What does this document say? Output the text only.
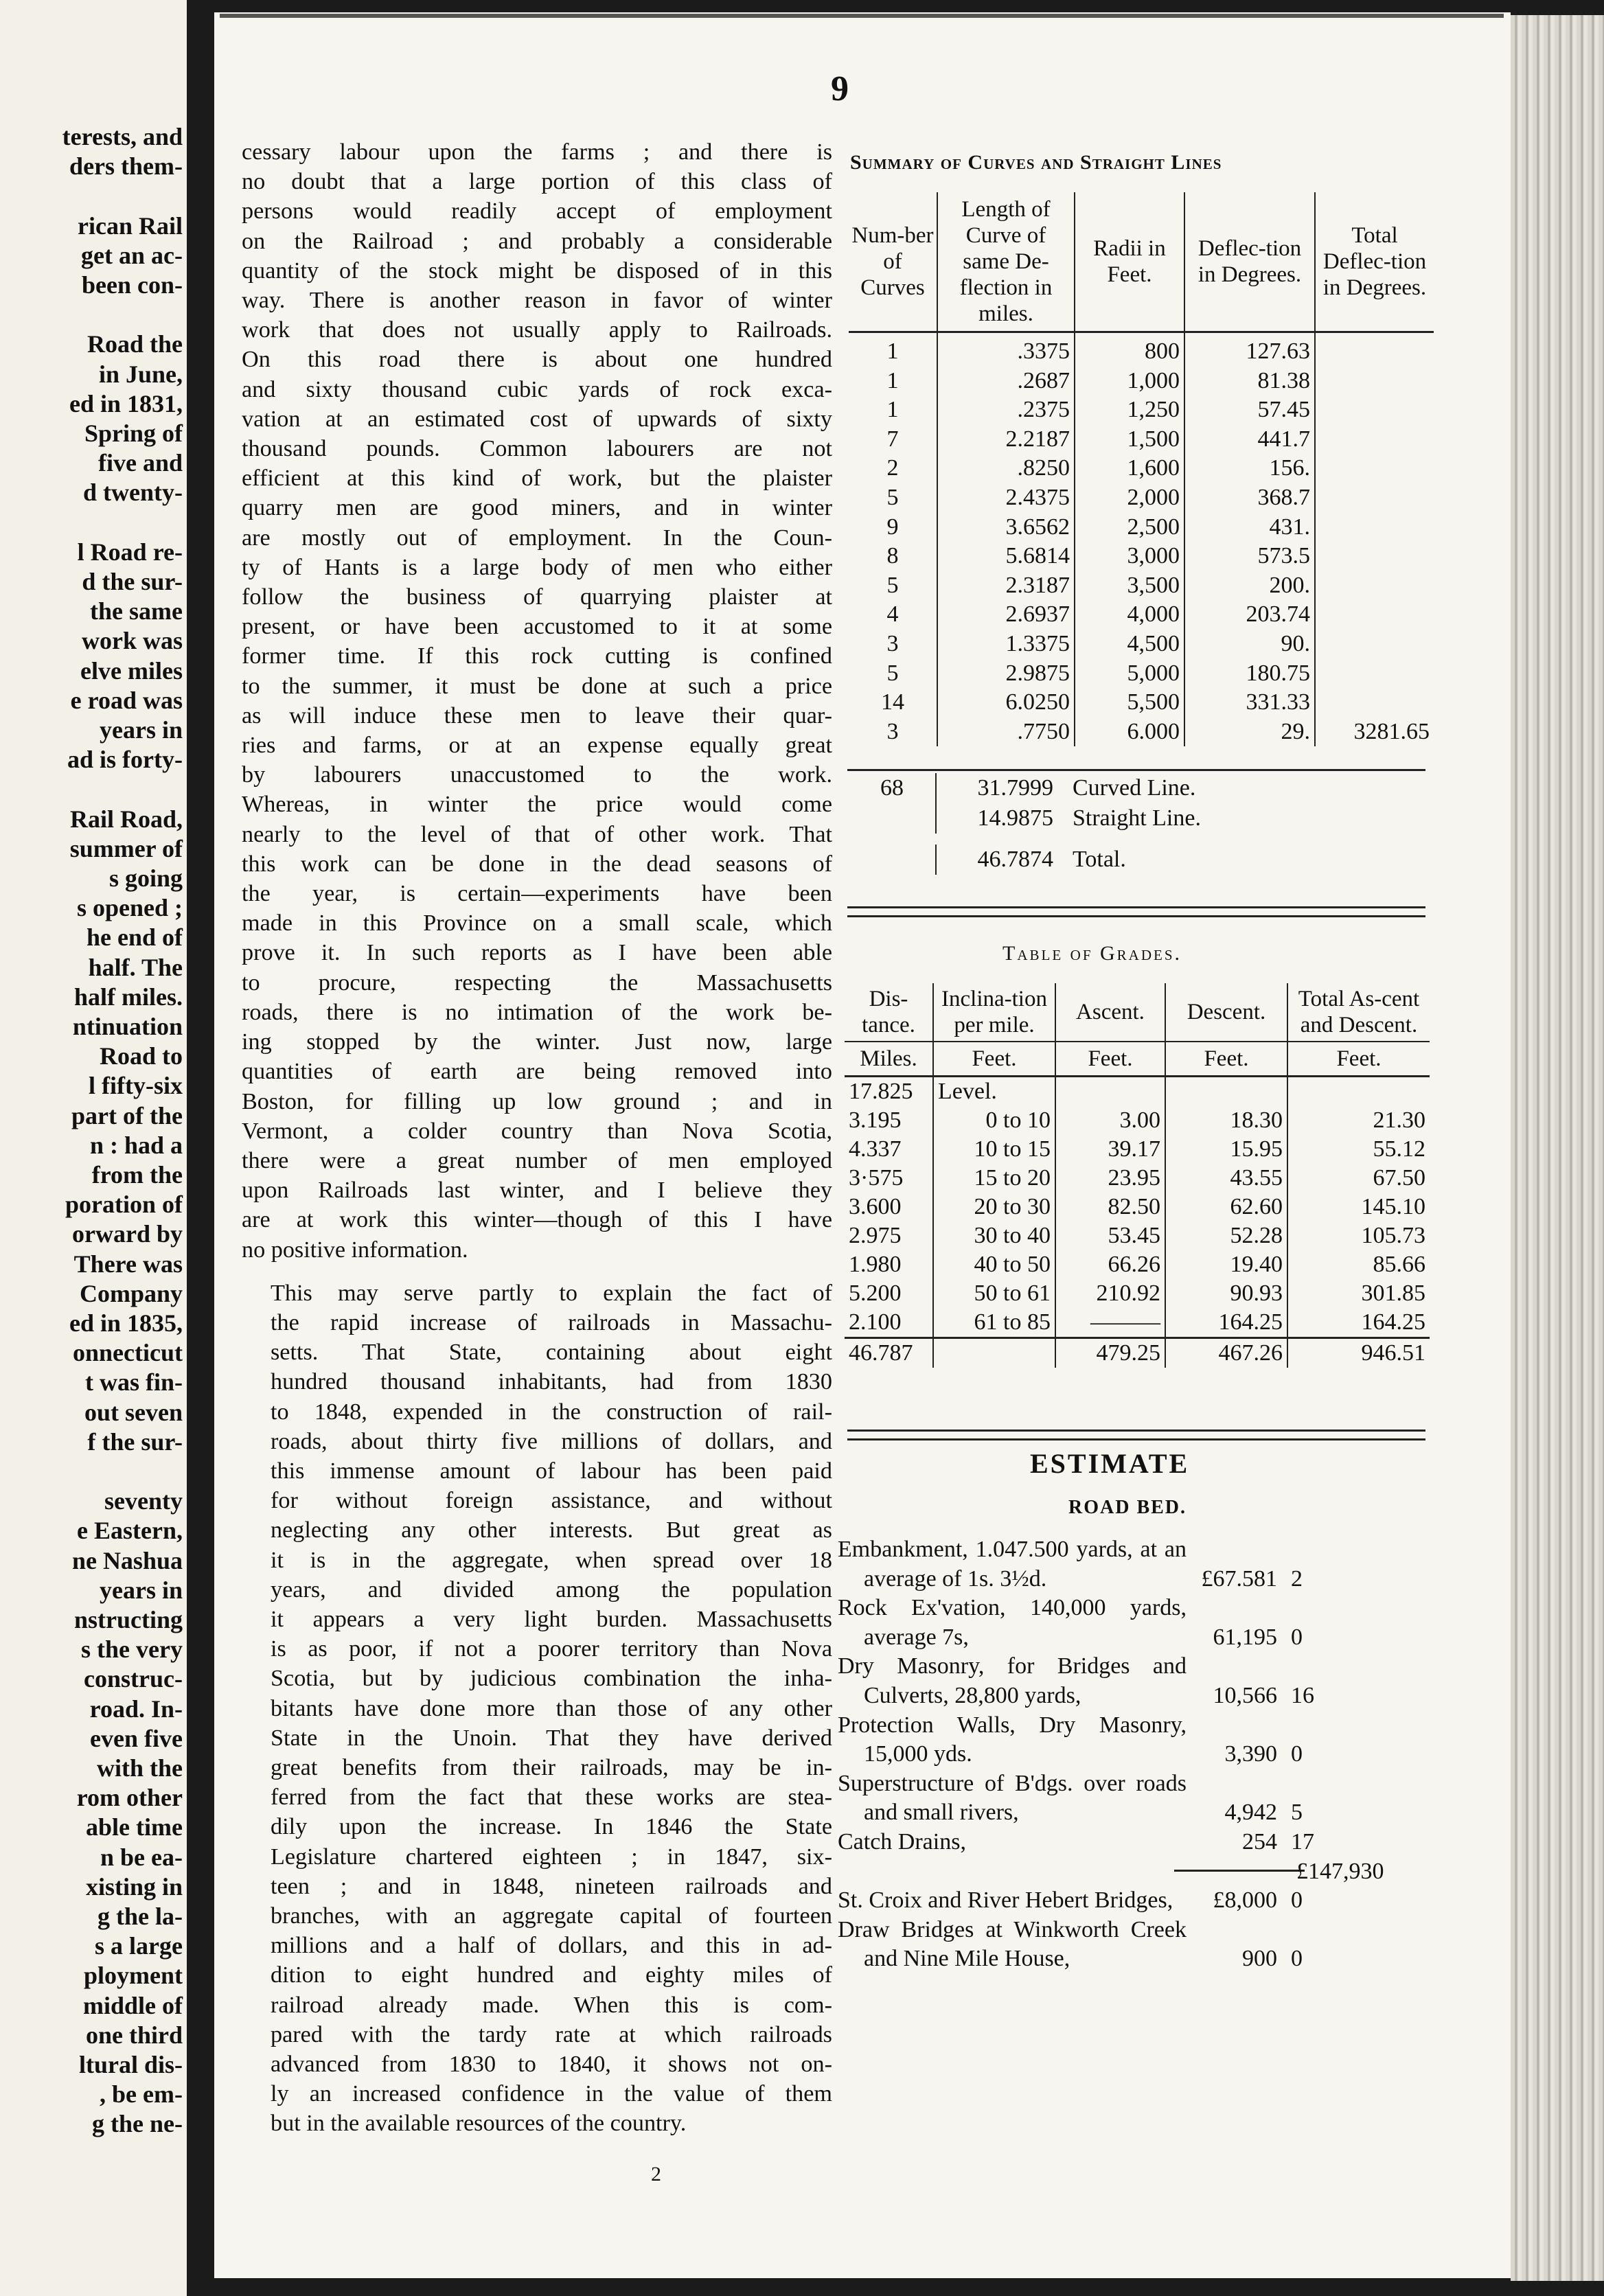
terests, and
ders them-
rican Rail
get an ac-
been con-
Road the
in June,
ed in 1831,
Spring of
five and
d twenty-
l Road re-
d the sur-
the same
work was
elve miles
e road was
years in
ad is forty-
Rail Road,
summer of
s going
s opened ;
he end of
half. The
half miles.
ntinuation
Road to
l fifty-six
part of the
n : had a
from the
poration of
orward by
There was
Company
ed in 1835,
onnecticut
t was fin-
out seven
f the sur-
seventy
e Eastern,
ne Nashua
years in
nstructing
s the very
construc-
road. In-
even five
with the
rom other
able time
n be ea-
xisting in
g the la-
s a large
ployment
middle of
one third
ltural dis-
, be em-
g the ne-
9

cessary labour upon the farms ; and there is
no doubt that a large portion of this class of
persons would readily accept of employment
on the Railroad ; and probably a considerable
quantity of the stock might be disposed of in this
way. There is another reason in favor of winter
work that does not usually apply to Railroads.
On this road there is about one hundred
and sixty thousand cubic yards of rock exca-
vation at an estimated cost of upwards of sixty
thousand pounds. Common labourers are not
efficient at this kind of work, but the plaister
quarry men are good miners, and in winter
are mostly out of employment. In the Coun-
ty of Hants is a large body of men who either
follow the business of quarrying plaister at
present, or have been accustomed to it at some
former time. If this rock cutting is confined
to the summer, it must be done at such a price
as will induce these men to leave their quar-
ries and farms, or at an expense equally great
by labourers unaccustomed to the work.
Whereas, in winter the price would come
nearly to the level of that of other work. That
this work can be done in the dead seasons of
the year, is certain—experiments have been
made in this Province on a small scale, which
prove it. In such reports as I have been able
to procure, respecting the Massachusetts
roads, there is no intimation of the work be-
ing stopped by the winter. Just now, large
quantities of earth are being removed into
Boston, for filling up low ground ; and in
Vermont, a colder country than Nova Scotia,
there were a great number of men employed
upon Railroads last winter, and I believe they
are at work this winter—though of this I have
no positive information.

This may serve partly to explain the fact of
the rapid increase of railroads in Massachu-
setts. That State, containing about eight
hundred thousand inhabitants, had from 1830
to 1848, expended in the construction of rail-
roads, about thirty five millions of dollars, and
this immense amount of labour has been paid
for without foreign assistance, and without
neglecting any other interests. But great as
it is in the aggregate, when spread over 18
years, and divided among the population
it appears a very light burden. Massachusetts
is as poor, if not a poorer territory than Nova
Scotia, but by judicious combination the inha-
bitants have done more than those of any other
State in the Unoin. That they have derived
great benefits from their railroads, may be in-
ferred from the fact that these works are stea-
dily upon the increase. In 1846 the State
Legislature chartered eighteen ; in 1847, six-
teen ; and in 1848, nineteen railroads and
branches, with an aggregate capital of fourteen
millions and a half of dollars, and this in ad-
dition to eight hundred and eighty miles of
railroad already made. When this is com-
pared with the tardy rate at which railroads
advanced from 1830 to 1840, it shows not on-
ly an increased confidence in the value of them
but in the available resources of the country.

2
Summary of Curves and Straight Lines
Num-ber of Curves	Length of Curve of same De-flection in miles.	Radii in Feet.	Deflec-tion in Degrees.	Total Deflec-tion in Degrees.
1	.3375	800	127.63	
1	.2687	1,000	81.38	
1	.2375	1,250	57.45	
7	2.2187	1,500	441.7	
2	.8250	1,600	156.	
5	2.4375	2,000	368.7	
9	3.6562	2,500	431.	
8	5.6814	3,000	573.5	
5	2.3187	3,500	200.	
4	2.6937	4,000	203.74	
3	1.3375	4,500	90.	
5	2.9875	5,000	180.75	
14	6.0250	5,500	331.33	
3	.7750	6.000	29.	3281.65
68	31.7999 Curved Line.
14.9875 Straight Line.
46.7874 Total.
Table of Grades.
Dis-tance.	Inclina-tion per mile.	Ascent.	Descent.	Total As-cent and Descent.
Miles.	Feet.	Feet.	Feet.	Feet.
17.825	Level.			
3.195	0 to 10	3.00	18.30	21.30
4.337	10 to 15	39.17	15.95	55.12
3·575	15 to 20	23.95	43.55	67.50
3.600	20 to 30	82.50	62.60	145.10
2.975	30 to 40	53.45	52.28	105.73
1.980	40 to 50	66.26	19.40	85.66
5.200	50 to 61	210.92	90.93	301.85
2.100	61 to 85	———	164.25	164.25
46.787		479.25	467.26	946.51
ESTIMATE
ROAD BED.
Embankment, 1.047.500 yards, at an average of 1s. 3½d.	£67.581 2
Rock Ex'vation, 140,000 yards, average 7s,	61,195 0
Dry Masonry, for Bridges and Culverts, 28,800 yards,	10,566 16
Protection Walls, Dry Masonry, 15,000 yds.	3,390 0
Superstructure of B'dgs. over roads and small rivers,	4,942 5
Catch Drains,	254 17
£147,930
St. Croix and River Hebert Bridges,	£8,000 0
Draw Bridges at Winkworth Creek and Nine Mile House,	900 0
